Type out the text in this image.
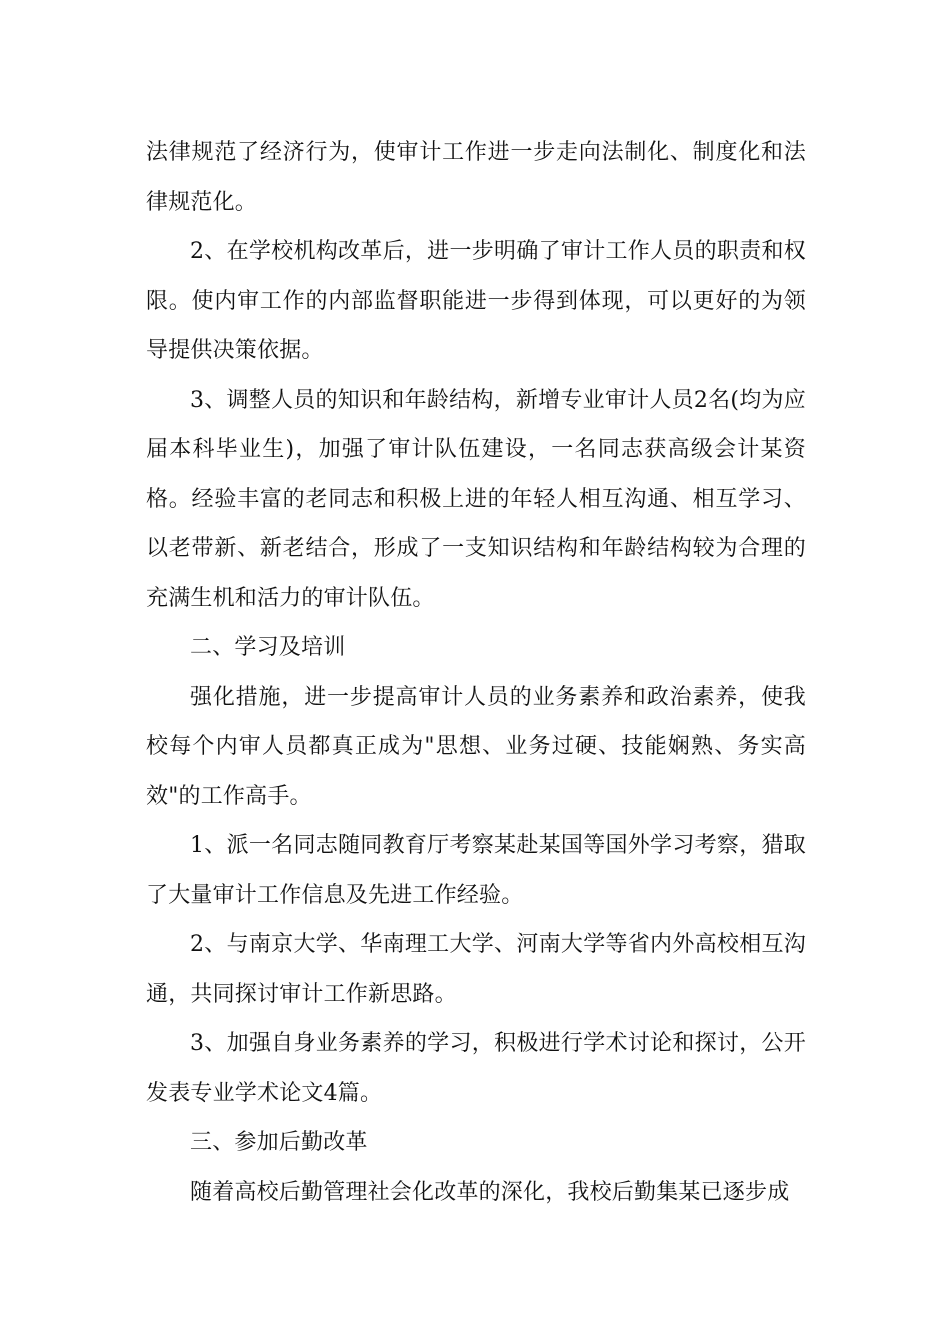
法律规范了经济行为，使审计工作进一步走向法制化、制度化和法律规范化。

2、在学校机构改革后，进一步明确了审计工作人员的职责和权限。使内审工作的内部监督职能进一步得到体现，可以更好的为领导提供决策依据。

3、调整人员的知识和年龄结构，新增专业审计人员2名(均为应届本科毕业生)，加强了审计队伍建设，一名同志获高级会计某资格。经验丰富的老同志和积极上进的年轻人相互沟通、相互学习、以老带新、新老结合，形成了一支知识结构和年龄结构较为合理的充满生机和活力的审计队伍。

二、学习及培训

强化措施，进一步提高审计人员的业务素养和政治素养，使我校每个内审人员都真正成为"思想、业务过硬、技能娴熟、务实高效"的工作高手。

1、派一名同志随同教育厅考察某赴某国等国外学习考察，猎取了大量审计工作信息及先进工作经验。

2、与南京大学、华南理工大学、河南大学等省内外高校相互沟通，共同探讨审计工作新思路。

3、加强自身业务素养的学习，积极进行学术讨论和探讨，公开发表专业学术论文4篇。

三、参加后勤改革

随着高校后勤管理社会化改革的深化，我校后勤集某已逐步成
